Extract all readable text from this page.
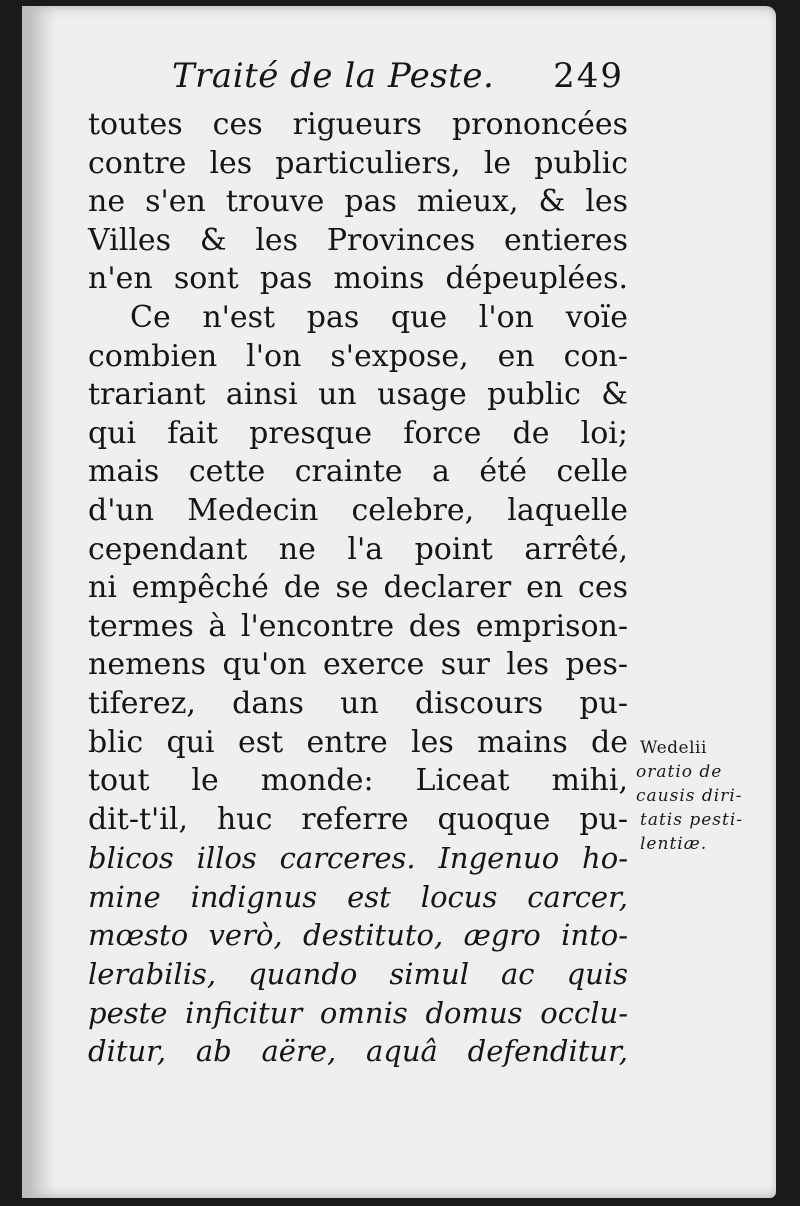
Traité de la Peste. 249
toutes ces rigueurs prononcées
contre les particuliers, le public
ne s'en trouve pas mieux, & les
Villes & les Provinces entieres
n'en sont pas moins dépeuplées.
Ce n'est pas que l'on voïe
combien l'on s'expose, en con-
trariant ainsi un usage public &
qui fait presque force de loi;
mais cette crainte a été celle
d'un Medecin celebre, laquelle
cependant ne l'a point arrêté,
ni empêché de se declarer en ces
termes à l'encontre des emprison-
nemens qu'on exerce sur les pes-
tiferez, dans un discours pu-
blic qui est entre les mains de
tout le monde: Liceat mihi,
dit-t'il, huc referre quoque pu-
blicos illos carceres. Ingenuo ho-
mine indignus est locus carcer,
mœsto verò, destituto, ægro into-
lerabilis, quando simul ac quis
peste inficitur omnis domus occlu-
ditur, ab aëre, aquâ defenditur,
Wedelii
oratio de
causis diri-
tatis pesti-
lentiæ.
